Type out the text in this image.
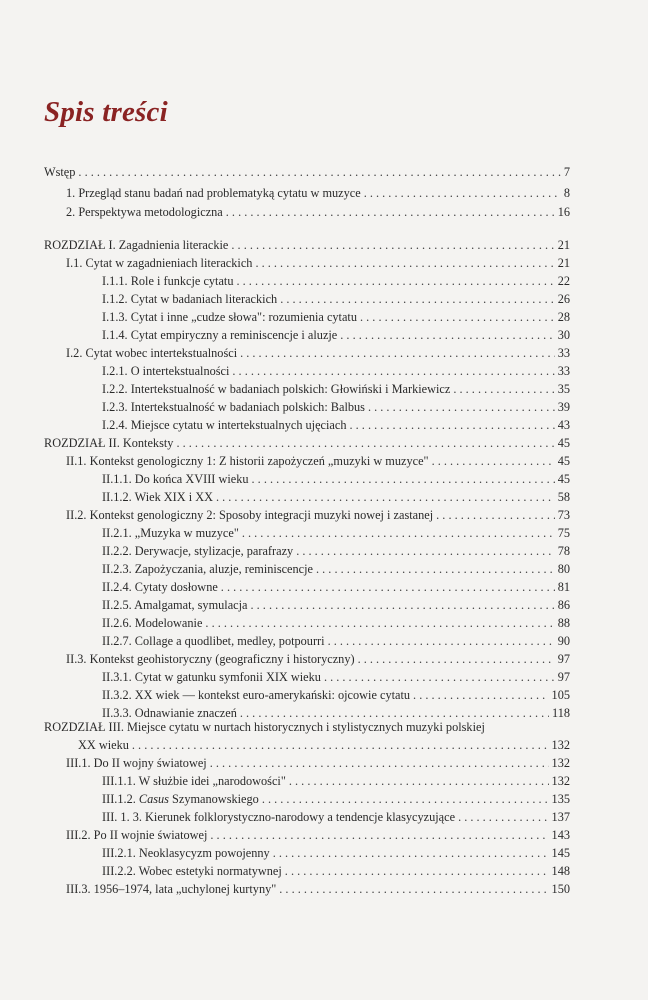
Spis treści
Wstęp . . .	7
1. Przegląd stanu badań nad problematyką cytatu w muzyce . . .	8
2. Perspektywa metodologiczna . . .	16
ROZDZIAŁ I. Zagadnienia literackie . . .	21
I.1. Cytat w zagadnieniach literackich . . .	21
I.1.1. Role i funkcje cytatu . . .	22
I.1.2. Cytat w badaniach literackich . . .	26
I.1.3. Cytat i inne „cudze słowa": rozumienia cytatu . . .	28
I.1.4. Cytat empiryczny a reminiscencje i aluzje . . .	30
I.2. Cytat wobec intertekstualności . . .	33
I.2.1. O intertekstualności . . .	33
I.2.2. Intertekstualność w badaniach polskich: Głowiński i Markiewicz . . .	35
I.2.3. Intertekstualność w badaniach polskich: Balbus . . .	39
I.2.4. Miejsce cytatu w intertekstualnych ujęciach . . .	43
ROZDZIAŁ II. Konteksty . . .	45
II.1. Kontekst genologiczny 1: Z historii zapożyczeń „muzyki w muzyce" . . .	45
II.1.1. Do końca XVIII wieku . . .	45
II.1.2. Wiek XIX i XX . . .	58
II.2. Kontekst genologiczny 2: Sposoby integracji muzyki nowej i zastanej . . .	73
II.2.1. „Muzyka w muzyce" . . .	75
II.2.2. Derywacje, stylizacje, parafrazy . . .	78
II.2.3. Zapożyczania, aluzje, reminiscencje . . .	80
II.2.4. Cytaty dosłowne . . .	81
II.2.5. Amalgamat, symulacja . . .	86
II.2.6. Modelowanie . . .	88
II.2.7. Collage a quodlibet, medley, potpourri . . .	90
II.3. Kontekst geohistoryczny (geograficzny i historyczny) . . .	97
II.3.1. Cytat w gatunku symfonii XIX wieku . . .	97
II.3.2. XX wiek — kontekst euro-amerykański: ojcowie cytatu . . .	105
II.3.3. Odnawianie znaczeń . . .	118
ROZDZIAŁ III. Miejsce cytatu w nurtach historycznych i stylistycznych muzyki polskiej
XX wieku . . .	132
III.1. Do II wojny światowej . . .	132
III.1.1. W służbie idei „narodowości" . . .	132
III.1.2. Casus Szymanowskiego . . .	135
III. 1. 3. Kierunek folklorystyczno-narodowy a tendencje klasycyzujące . . .	137
III.2. Po II wojnie światowej . . .	143
III.2.1. Neoklasycyzm powojenny . . .	145
III.2.2. Wobec estetyki normatywnej . . .	148
III.3. 1956–1974, lata „uchylonej kurtyny" . . .	150
